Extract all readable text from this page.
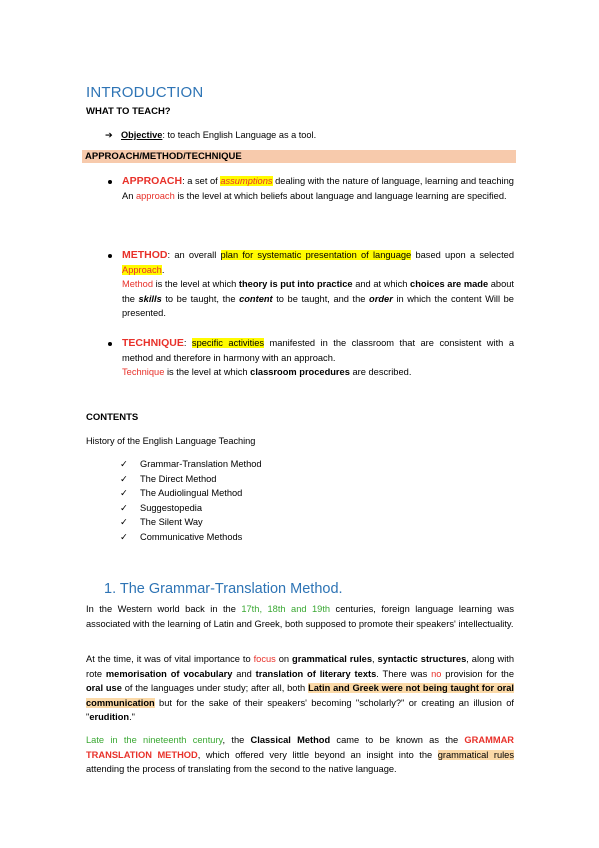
INTRODUCTION
WHAT TO TEACH?
➔ Objective: to teach English Language as a tool.
APPROACH/METHOD/TECHNIQUE
APPROACH: a set of assumptions dealing with the nature of language, learning and teaching
An approach is the level at which beliefs about language and language learning are specified.
METHOD: an overall plan for systematic presentation of language based upon a selected Approach.
Method is the level at which theory is put into practice and at which choices are made about the skills to be taught, the content to be taught, and the order in which the content Will be presented.
TECHNIQUE: specific activities manifested in the classroom that are consistent with a method and therefore in harmony with an approach.
Technique is the level at which classroom procedures are described.
CONTENTS
History of the English Language Teaching
✓ Grammar-Translation Method
✓ The Direct Method
✓ The Audiolingual Method
✓ Suggestopedia
✓ The Silent Way
✓ Communicative Methods
1. The Grammar-Translation Method.
In the Western world back in the 17th, 18th and 19th centuries, foreign language learning was associated with the learning of Latin and Greek, both supposed to promote their speakers' intellectuality.
At the time, it was of vital importance to focus on grammatical rules, syntactic structures, along with rote memorisation of vocabulary and translation of literary texts. There was no provision for the oral use of the languages under study; after all, both Latin and Greek were not being taught for oral communication but for the sake of their speakers' becoming "scholarly?" or creating an illusion of "erudition."
Late in the nineteenth century, the Classical Method came to be known as the GRAMMAR TRANSLATION METHOD, which offered very little beyond an insight into the grammatical rules attending the process of translating from the second to the native language.
